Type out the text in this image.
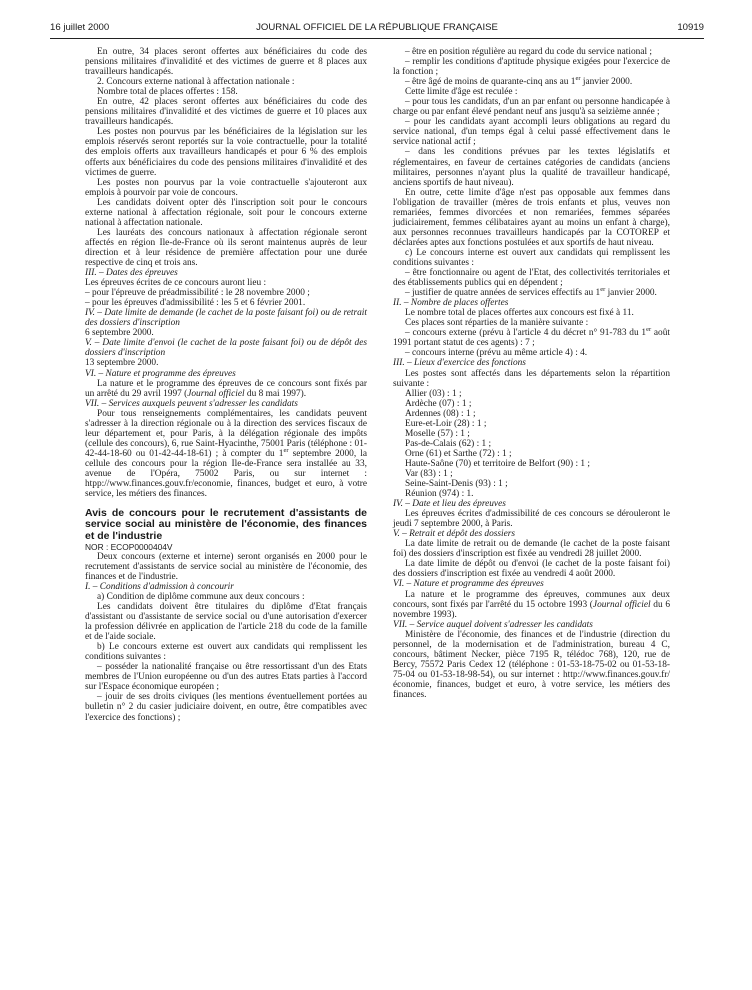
16 juillet 2000	JOURNAL OFFICIEL DE LA RÉPUBLIQUE FRANÇAISE	10919

En outre, 34 places seront offertes aux bénéficiaires du code des pensions militaires d'invalidité et des victimes de guerre et 8 places aux travailleurs handicapés.

2. Concours externe national à affectation nationale :

Nombre total de places offertes : 158.

En outre, 42 places seront offertes aux bénéficiaires du code des pensions militaires d'invalidité et des victimes de guerre et 10 places aux travailleurs handicapés.

Les postes non pourvus par les bénéficiaires de la législation sur les emplois réservés seront reportés sur la voie contractuelle, pour la totalité des emplois offerts aux travailleurs handicapés et pour 6 % des emplois offerts aux bénéficiaires du code des pensions militaires d'invalidité et des victimes de guerre.

Les postes non pourvus par la voie contractuelle s'ajouteront aux emplois à pourvoir par voie de concours.

Les candidats doivent opter dès l'inscription soit pour le concours externe national à affectation régionale, soit pour le concours externe national à affectation nationale.

Les lauréats des concours nationaux à affectation régionale seront affectés en région Ile-de-France où ils seront maintenus auprès de leur direction et à leur résidence de première affectation pour une durée respective de cinq et trois ans.

III. – Dates des épreuves

Les épreuves écrites de ce concours auront lieu :

– pour l'épreuve de préadmissibilité : le 28 novembre 2000 ;

– pour les épreuves d'admissibilité : les 5 et 6 février 2001.

IV. – Date limite de demande (le cachet de la poste faisant foi) ou de retrait des dossiers d'inscription

6 septembre 2000.

V. – Date limite d'envoi (le cachet de la poste faisant foi) ou de dépôt des dossiers d'inscription

13 septembre 2000.

VI. – Nature et programme des épreuves

La nature et le programme des épreuves de ce concours sont fixés par un arrêté du 29 avril 1997 (Journal officiel du 8 mai 1997).

VII. – Services auxquels peuvent s'adresser les candidats

Pour tous renseignements complémentaires, les candidats peuvent s'adresser à la direction régionale ou à la direction des services fiscaux de leur département et, pour Paris, à la délégation régionale des impôts (cellule des concours), 6, rue Saint-Hyacinthe, 75001 Paris (téléphone : 01-42-44-18-60 ou 01-42-44-18-61) ; à compter du 1er septembre 2000, la cellule des concours pour la région Ile-de-France sera installée au 33, avenue de l'Opéra, 75002 Paris, ou sur internet : htpp://www.finances.gouv.fr/economie, finances, budget et euro, à votre service, les métiers des finances.

Avis de concours pour le recrutement d'assistants de service social au ministère de l'économie, des finances et de l'industrie

NOR : ECOP0000404V

Deux concours (externe et interne) seront organisés en 2000 pour le recrutement d'assistants de service social au ministère de l'économie, des finances et de l'industrie.

I. – Conditions d'admission à concourir

a) Condition de diplôme commune aux deux concours :

Les candidats doivent être titulaires du diplôme d'Etat français d'assistant ou d'assistante de service social ou d'une autorisation d'exercer la profession délivrée en application de l'article 218 du code de la famille et de l'aide sociale.

b) Le concours externe est ouvert aux candidats qui remplissent les conditions suivantes :

– posséder la nationalité française ou être ressortissant d'un des Etats membres de l'Union européenne ou d'un des autres Etats parties à l'accord sur l'Espace économique européen ;

– jouir de ses droits civiques (les mentions éventuellement portées au bulletin n° 2 du casier judiciaire doivent, en outre, être compatibles avec l'exercice des fonctions) ;

– être en position régulière au regard du code du service national ;

– remplir les conditions d'aptitude physique exigées pour l'exercice de la fonction ;

– être âgé de moins de quarante-cinq ans au 1er janvier 2000.

Cette limite d'âge est reculée :

– pour tous les candidats, d'un an par enfant ou personne handicapée à charge ou par enfant élevé pendant neuf ans jusqu'à sa seizième année ;

– pour les candidats ayant accompli leurs obligations au regard du service national, d'un temps égal à celui passé effectivement dans le service national actif ;

– dans les conditions prévues par les textes législatifs et réglementaires, en faveur de certaines catégories de candidats (anciens militaires, personnes n'ayant plus la qualité de travailleur handicapé, anciens sportifs de haut niveau).

En outre, cette limite d'âge n'est pas opposable aux femmes dans l'obligation de travailler (mères de trois enfants et plus, veuves non remariées, femmes divorcées et non remariées, femmes séparées judiciairement, femmes célibataires ayant au moins un enfant à charge), aux personnes reconnues travailleurs handicapés par la COTOREP et déclarées aptes aux fonctions postulées et aux sportifs de haut niveau.

c) Le concours interne est ouvert aux candidats qui remplissent les conditions suivantes :

– être fonctionnaire ou agent de l'Etat, des collectivités territoriales et des établissements publics qui en dépendent ;

– justifier de quatre années de services effectifs au 1er janvier 2000.

II. – Nombre de places offertes

Le nombre total de places offertes aux concours est fixé à 11.

Ces places sont réparties de la manière suivante :

– concours externe (prévu à l'article 4 du décret n° 91-783 du 1er août 1991 portant statut de ces agents) : 7 ;

– concours interne (prévu au même article 4) : 4.

III. – Lieux d'exercice des fonctions

Les postes sont affectés dans les départements selon la répartition suivante :

Allier (03) : 1 ;

Ardèche (07) : 1 ;

Ardennes (08) : 1 ;

Eure-et-Loir (28) : 1 ;

Moselle (57) : 1 ;

Pas-de-Calais (62) : 1 ;

Orne (61) et Sarthe (72) : 1 ;

Haute-Saône (70) et territoire de Belfort (90) : 1 ;

Var (83) : 1 ;

Seine-Saint-Denis (93) : 1 ;

Réunion (974) : 1.

IV. – Date et lieu des épreuves

Les épreuves écrites d'admissibilité de ces concours se dérouleront le jeudi 7 septembre 2000, à Paris.

V. – Retrait et dépôt des dossiers

La date limite de retrait ou de demande (le cachet de la poste faisant foi) des dossiers d'inscription est fixée au vendredi 28 juillet 2000.

La date limite de dépôt ou d'envoi (le cachet de la poste faisant foi) des dossiers d'inscription est fixée au vendredi 4 août 2000.

VI. – Nature et programme des épreuves

La nature et le programme des épreuves, communes aux deux concours, sont fixés par l'arrêté du 15 octobre 1993 (Journal officiel du 6 novembre 1993).

VII. – Service auquel doivent s'adresser les candidats

Ministère de l'économie, des finances et de l'industrie (direction du personnel, de la modernisation et de l'administration, bureau 4 C, concours, bâtiment Necker, pièce 7195 R, télédoc 768), 120, rue de Bercy, 75572 Paris Cedex 12 (téléphone : 01-53-18-75-02 ou 01-53-18-75-04 ou 01-53-18-98-54), ou sur internet : http://www.finances.gouv.fr/ économie, finances, budget et euro, à votre service, les métiers des finances.
